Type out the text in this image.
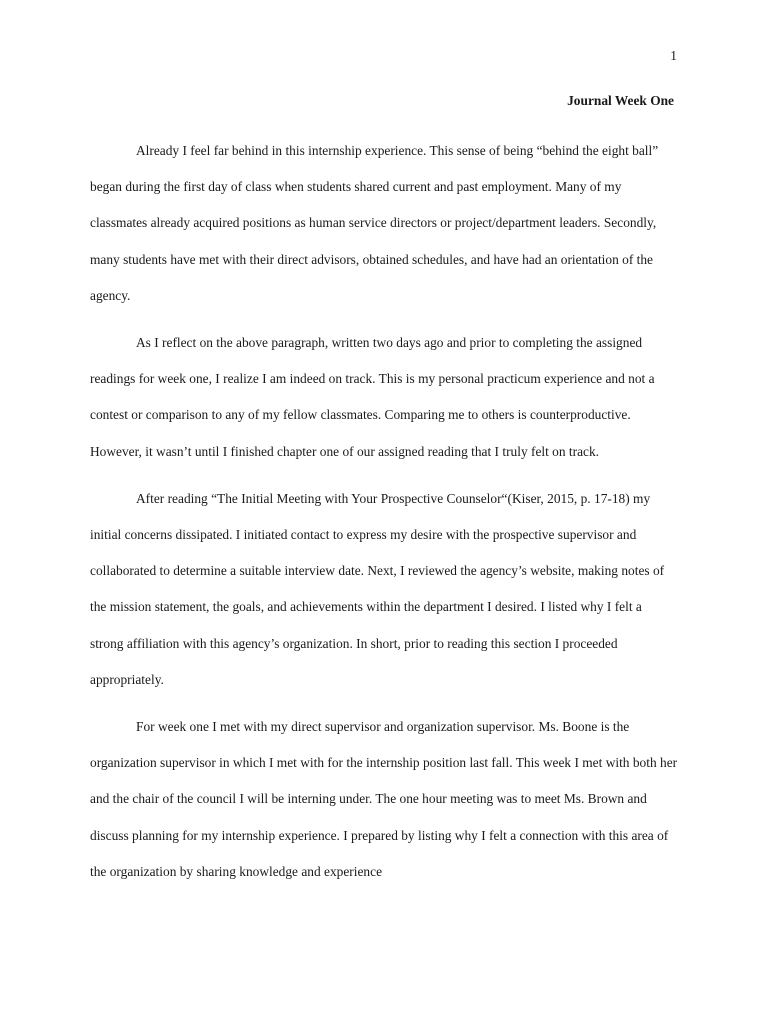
1
Journal Week One

Already I feel far behind in this internship experience. This sense of being “behind the eight ball” began during the first day of class when students shared current and past employment. Many of my classmates already acquired positions as human service directors or project/department leaders. Secondly, many students have met with their direct advisors, obtained schedules, and have had an orientation of the agency.

As I reflect on the above paragraph, written two days ago and prior to completing the assigned readings for week one, I realize I am indeed on track. This is my personal practicum experience and not a contest or comparison to any of my fellow classmates. Comparing me to others is counterproductive. However, it wasn’t until I finished chapter one of our assigned reading that I truly felt on track.

After reading “The Initial Meeting with Your Prospective Counselor“(Kiser, 2015, p. 17-18) my initial concerns dissipated. I initiated contact to express my desire with the prospective supervisor and collaborated to determine a suitable interview date. Next, I reviewed the agency’s website, making notes of the mission statement, the goals, and achievements within the department I desired. I listed why I felt a strong affiliation with this agency’s organization. In short, prior to reading this section I proceeded appropriately.

For week one I met with my direct supervisor and organization supervisor. Ms. Boone is the organization supervisor in which I met with for the internship position last fall. This week I met with both her and the chair of the council I will be interning under. The one hour meeting was to meet Ms. Brown and discuss planning for my internship experience. I prepared by listing why I felt a connection with this area of the organization by sharing knowledge and experience
